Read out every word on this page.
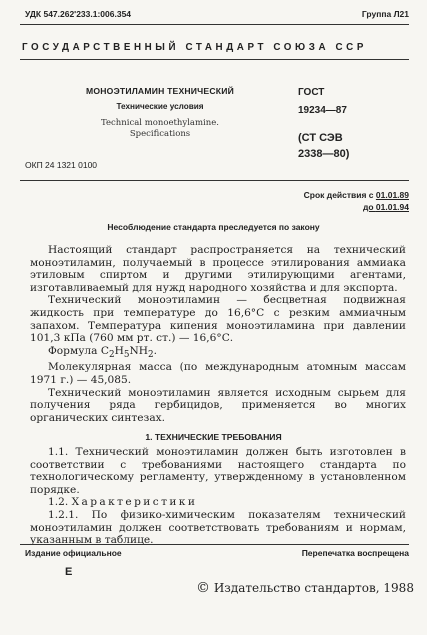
УДК 547.262'233.1:006.354	Группа Л21
ГОСУДАРСТВЕННЫЙ СТАНДАРТ СОЮЗА ССР
МОНОЭТИЛАМИН ТЕХНИЧЕСКИЙ
Технические условия
Technical monoethylamine.
Specifications
ГОСТ
19234—87
(СТ СЭВ
2338—80)
ОКП 24 1321 0100
Срок действия с 01.01.89
до 01.01.94
Несоблюдение стандарта преследуется по закону

Настоящий стандарт распространяется на технический моноэтиламин, получаемый в процессе этилирования аммиака этиловым спиртом и другими этилирующими агентами, изготавливаемый для нужд народного хозяйства и для экспорта.

Технический моноэтиламин — бесцветная подвижная жидкость при температуре до 16,6°С с резким аммиачным запахом. Температура кипения моноэтиламина при давлении 101,3 кПа (760 мм рт. ст.) — 16,6°С.

Формула $C_2H_5NH_2$.

Молекулярная масса (по международным атомным массам 1971 г.) — 45,085.

Технический моноэтиламин является исходным сырьем для получения ряда гербицидов, применяется во многих органических синтезах.

1. ТЕХНИЧЕСКИЕ ТРЕБОВАНИЯ

1.1. Технический моноэтиламин должен быть изготовлен в соответствии с требованиями настоящего стандарта по технологическому регламенту, утвержденному в установленном порядке.

1.2. Характеристики

1.2.1. По физико-химическим показателям технический моноэтиламин должен соответствовать требованиям и нормам, указанным в таблице.

Издание официальное	Перепечатка воспрещена
Е
© Издательство стандартов, 1988
